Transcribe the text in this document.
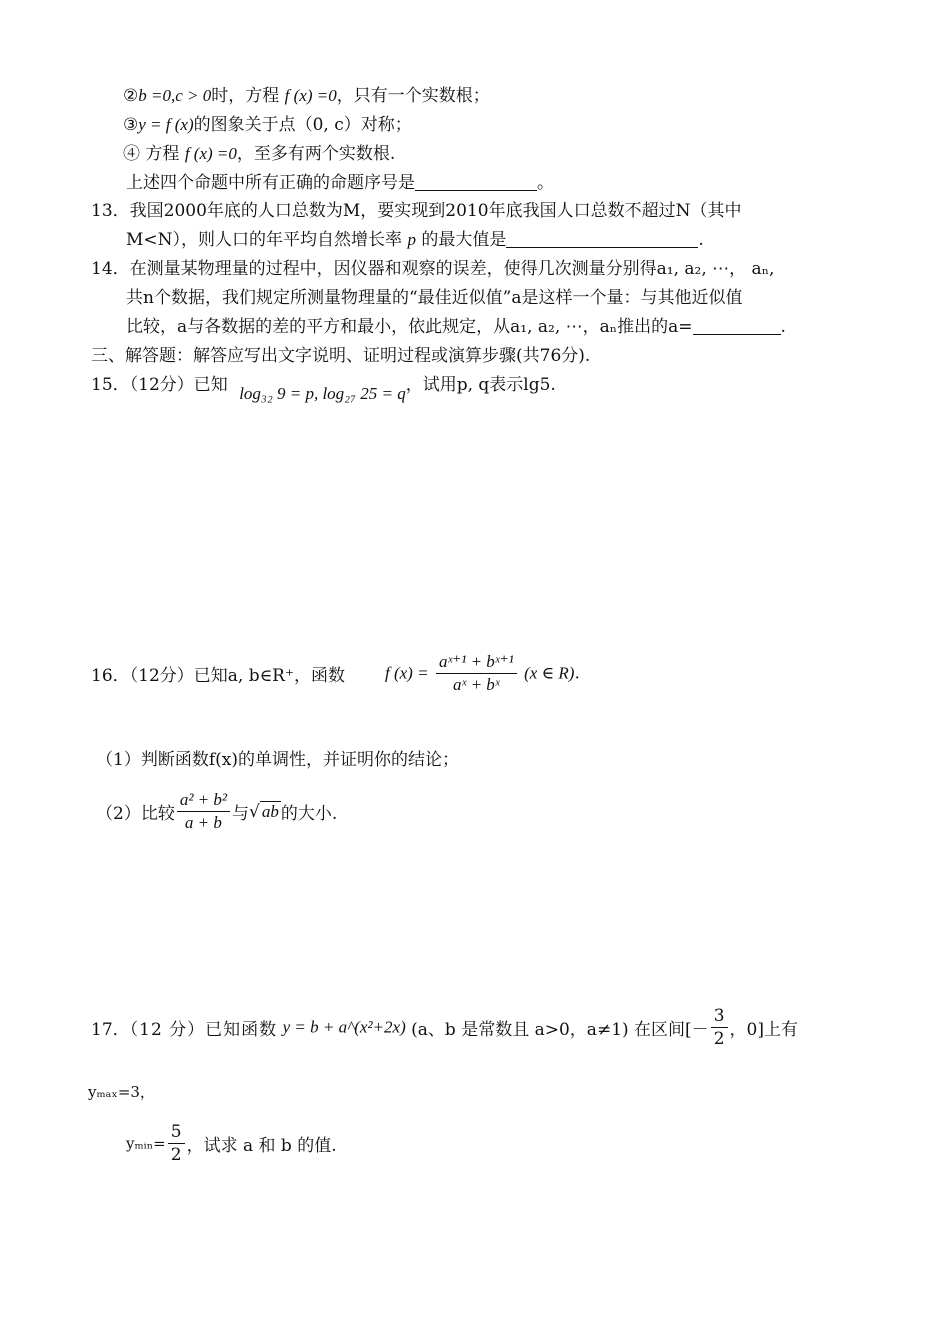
②b =0,c > 0时，方程 f (x) =0，只有一个实数根；
③y = f (x)的图象关于点（0, c）对称；
④ 方程 f (x) =0，至多有两个实数根.
上述四个命题中所有正确的命题序号是	。
13．我国2000年底的人口总数为M，要实现到2010年底我国人口总数不超过N（其中
M<N），则人口的年平均自然增长率 p 的最大值是	.
14．在测量某物理量的过程中，因仪器和观察的误差，使得几次测量分别得a₁, a₂, ⋯， aₙ,
共n个数据，我们规定所测量物理量的“最佳近似值”a是这样一个量：与其他近似值
比较，a与各数据的差的平方和最小，依此规定，从a₁, a₂, ⋯，aₙ推出的a=	.
三、解答题：解答应写出文字说明、证明过程或演算步骤(共76分).
15．（12分）已知 log₃₂ 9 = p, log₂₇ 25 = q，试用p, q表示lg5.
16．（12分）已知a, b∈R⁺，函数 f $(x) = \frac{\text{aˣ⁺¹ + bˣ⁺¹}}{\text{aˣ + bˣ}} (x$ ∈ R).
（1）判断函数f(x)的单调性，并证明你的结论；
（2）比较 $\frac{\text{a² + b²}}{a + b}$ 与√ ab 的大小.
17．（12 分）已知函数 y = b + a^(x²+2x) (a、b 是常数且 a>0，a≠1) 在区间[－ $\frac{3}{2}$ ，0]上有
yₘₐₓ=3，
yₘᵢₙ= $\frac{5}{2}$ ，试求 a 和 b 的值.
